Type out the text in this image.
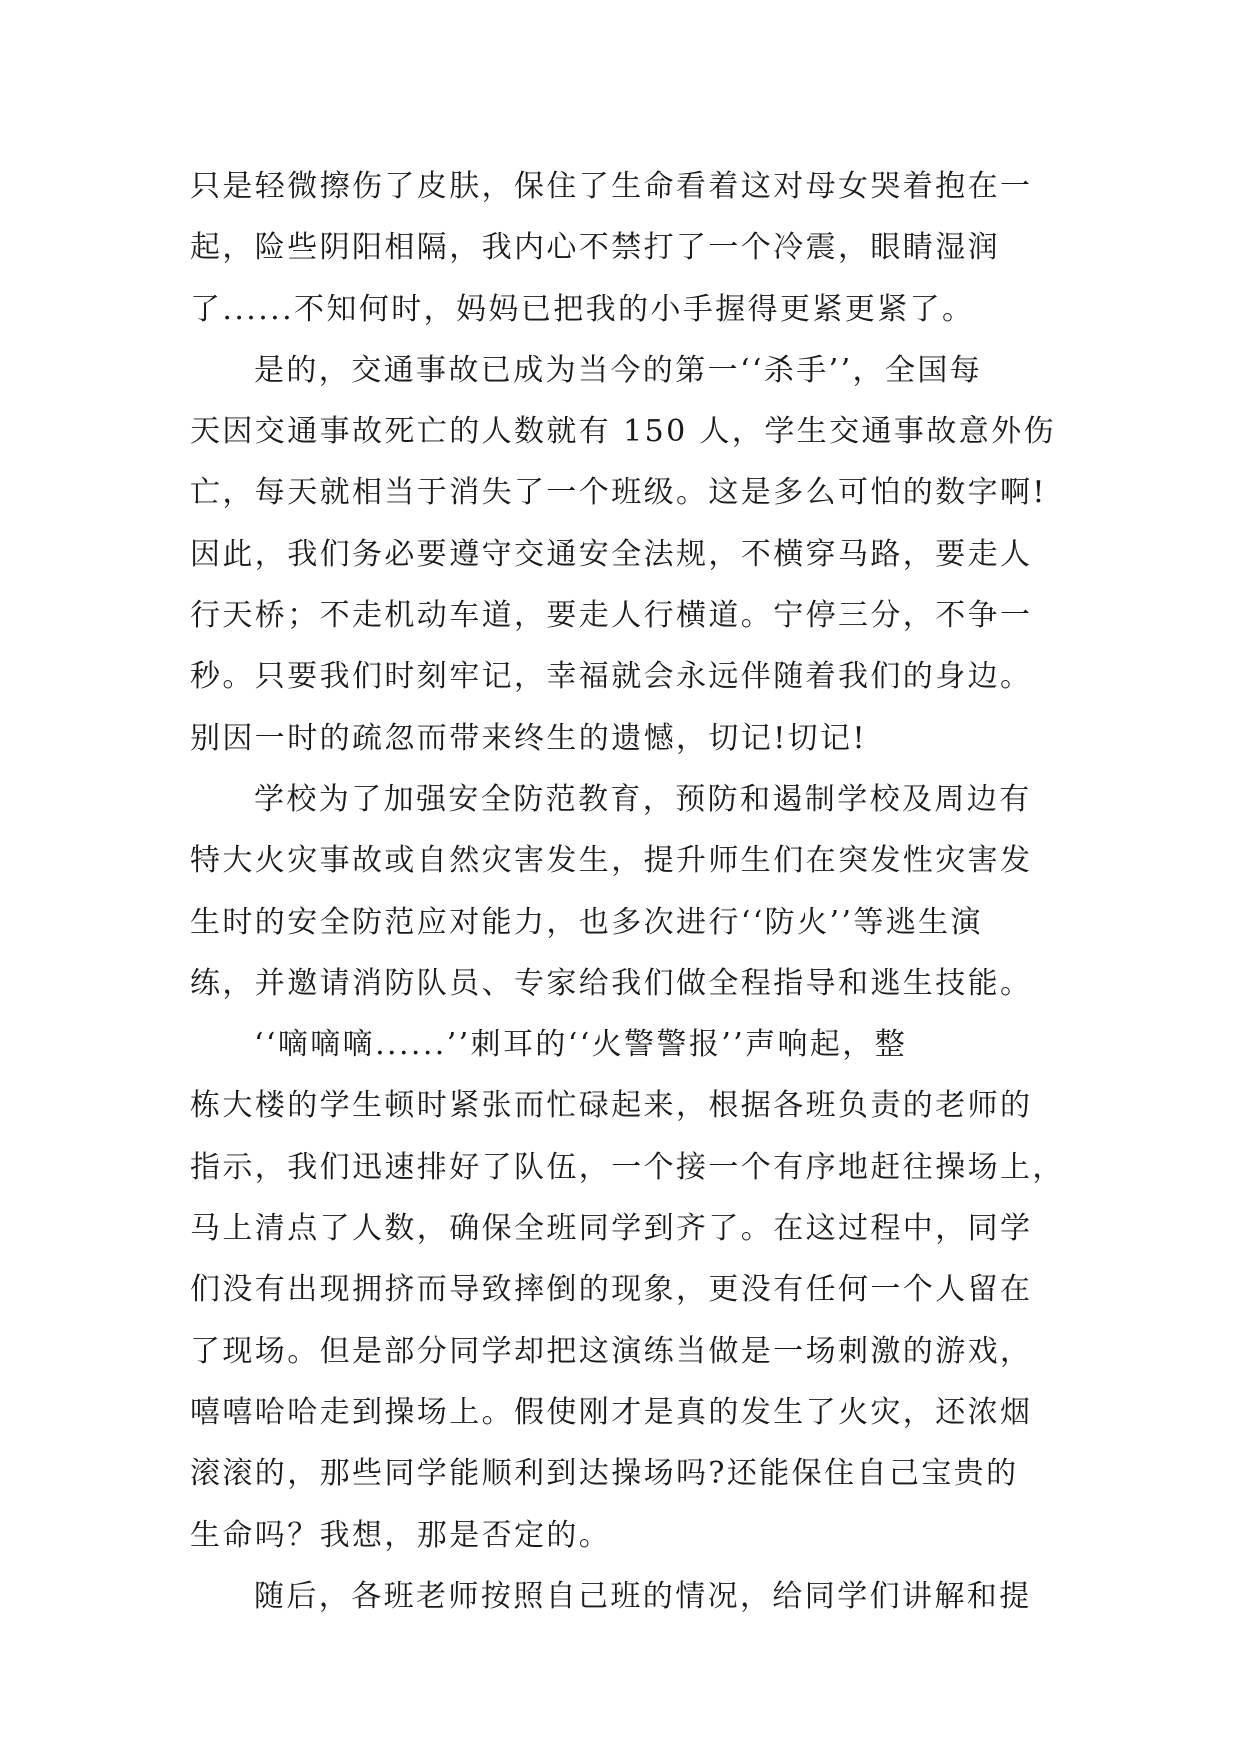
只是轻微擦伤了皮肤，保住了生命看着这对母女哭着抱在一
起，险些阴阳相隔，我内心不禁打了一个冷震，眼睛湿润
了......不知何时，妈妈已把我的小手握得更紧更紧了。
是的，交通事故已成为当今的第一‘‘杀手’’，全国每
天因交通事故死亡的人数就有 150 人，学生交通事故意外伤
亡，每天就相当于消失了一个班级。这是多么可怕的数字啊!
因此，我们务必要遵守交通安全法规，不横穿马路，要走人
行天桥；不走机动车道，要走人行横道。宁停三分，不争一
秒。只要我们时刻牢记，幸福就会永远伴随着我们的身边。
别因一时的疏忽而带来终生的遗憾，切记!切记!
学校为了加强安全防范教育，预防和遏制学校及周边有
特大火灾事故或自然灾害发生，提升师生们在突发性灾害发
生时的安全防范应对能力，也多次进行‘‘防火’’等逃生演
练，并邀请消防队员、专家给我们做全程指导和逃生技能。
‘‘嘀嘀嘀......’’刺耳的‘‘火警警报’’声响起，整
栋大楼的学生顿时紧张而忙碌起来，根据各班负责的老师的
指示，我们迅速排好了队伍，一个接一个有序地赶往操场上，
马上清点了人数，确保全班同学到齐了。在这过程中，同学
们没有出现拥挤而导致摔倒的现象，更没有任何一个人留在
了现场。但是部分同学却把这演练当做是一场刺激的游戏，
嘻嘻哈哈走到操场上。假使刚才是真的发生了火灾，还浓烟
滚滚的，那些同学能顺利到达操场吗?还能保住自己宝贵的
生命吗？我想，那是否定的。
随后，各班老师按照自己班的情况，给同学们讲解和提
